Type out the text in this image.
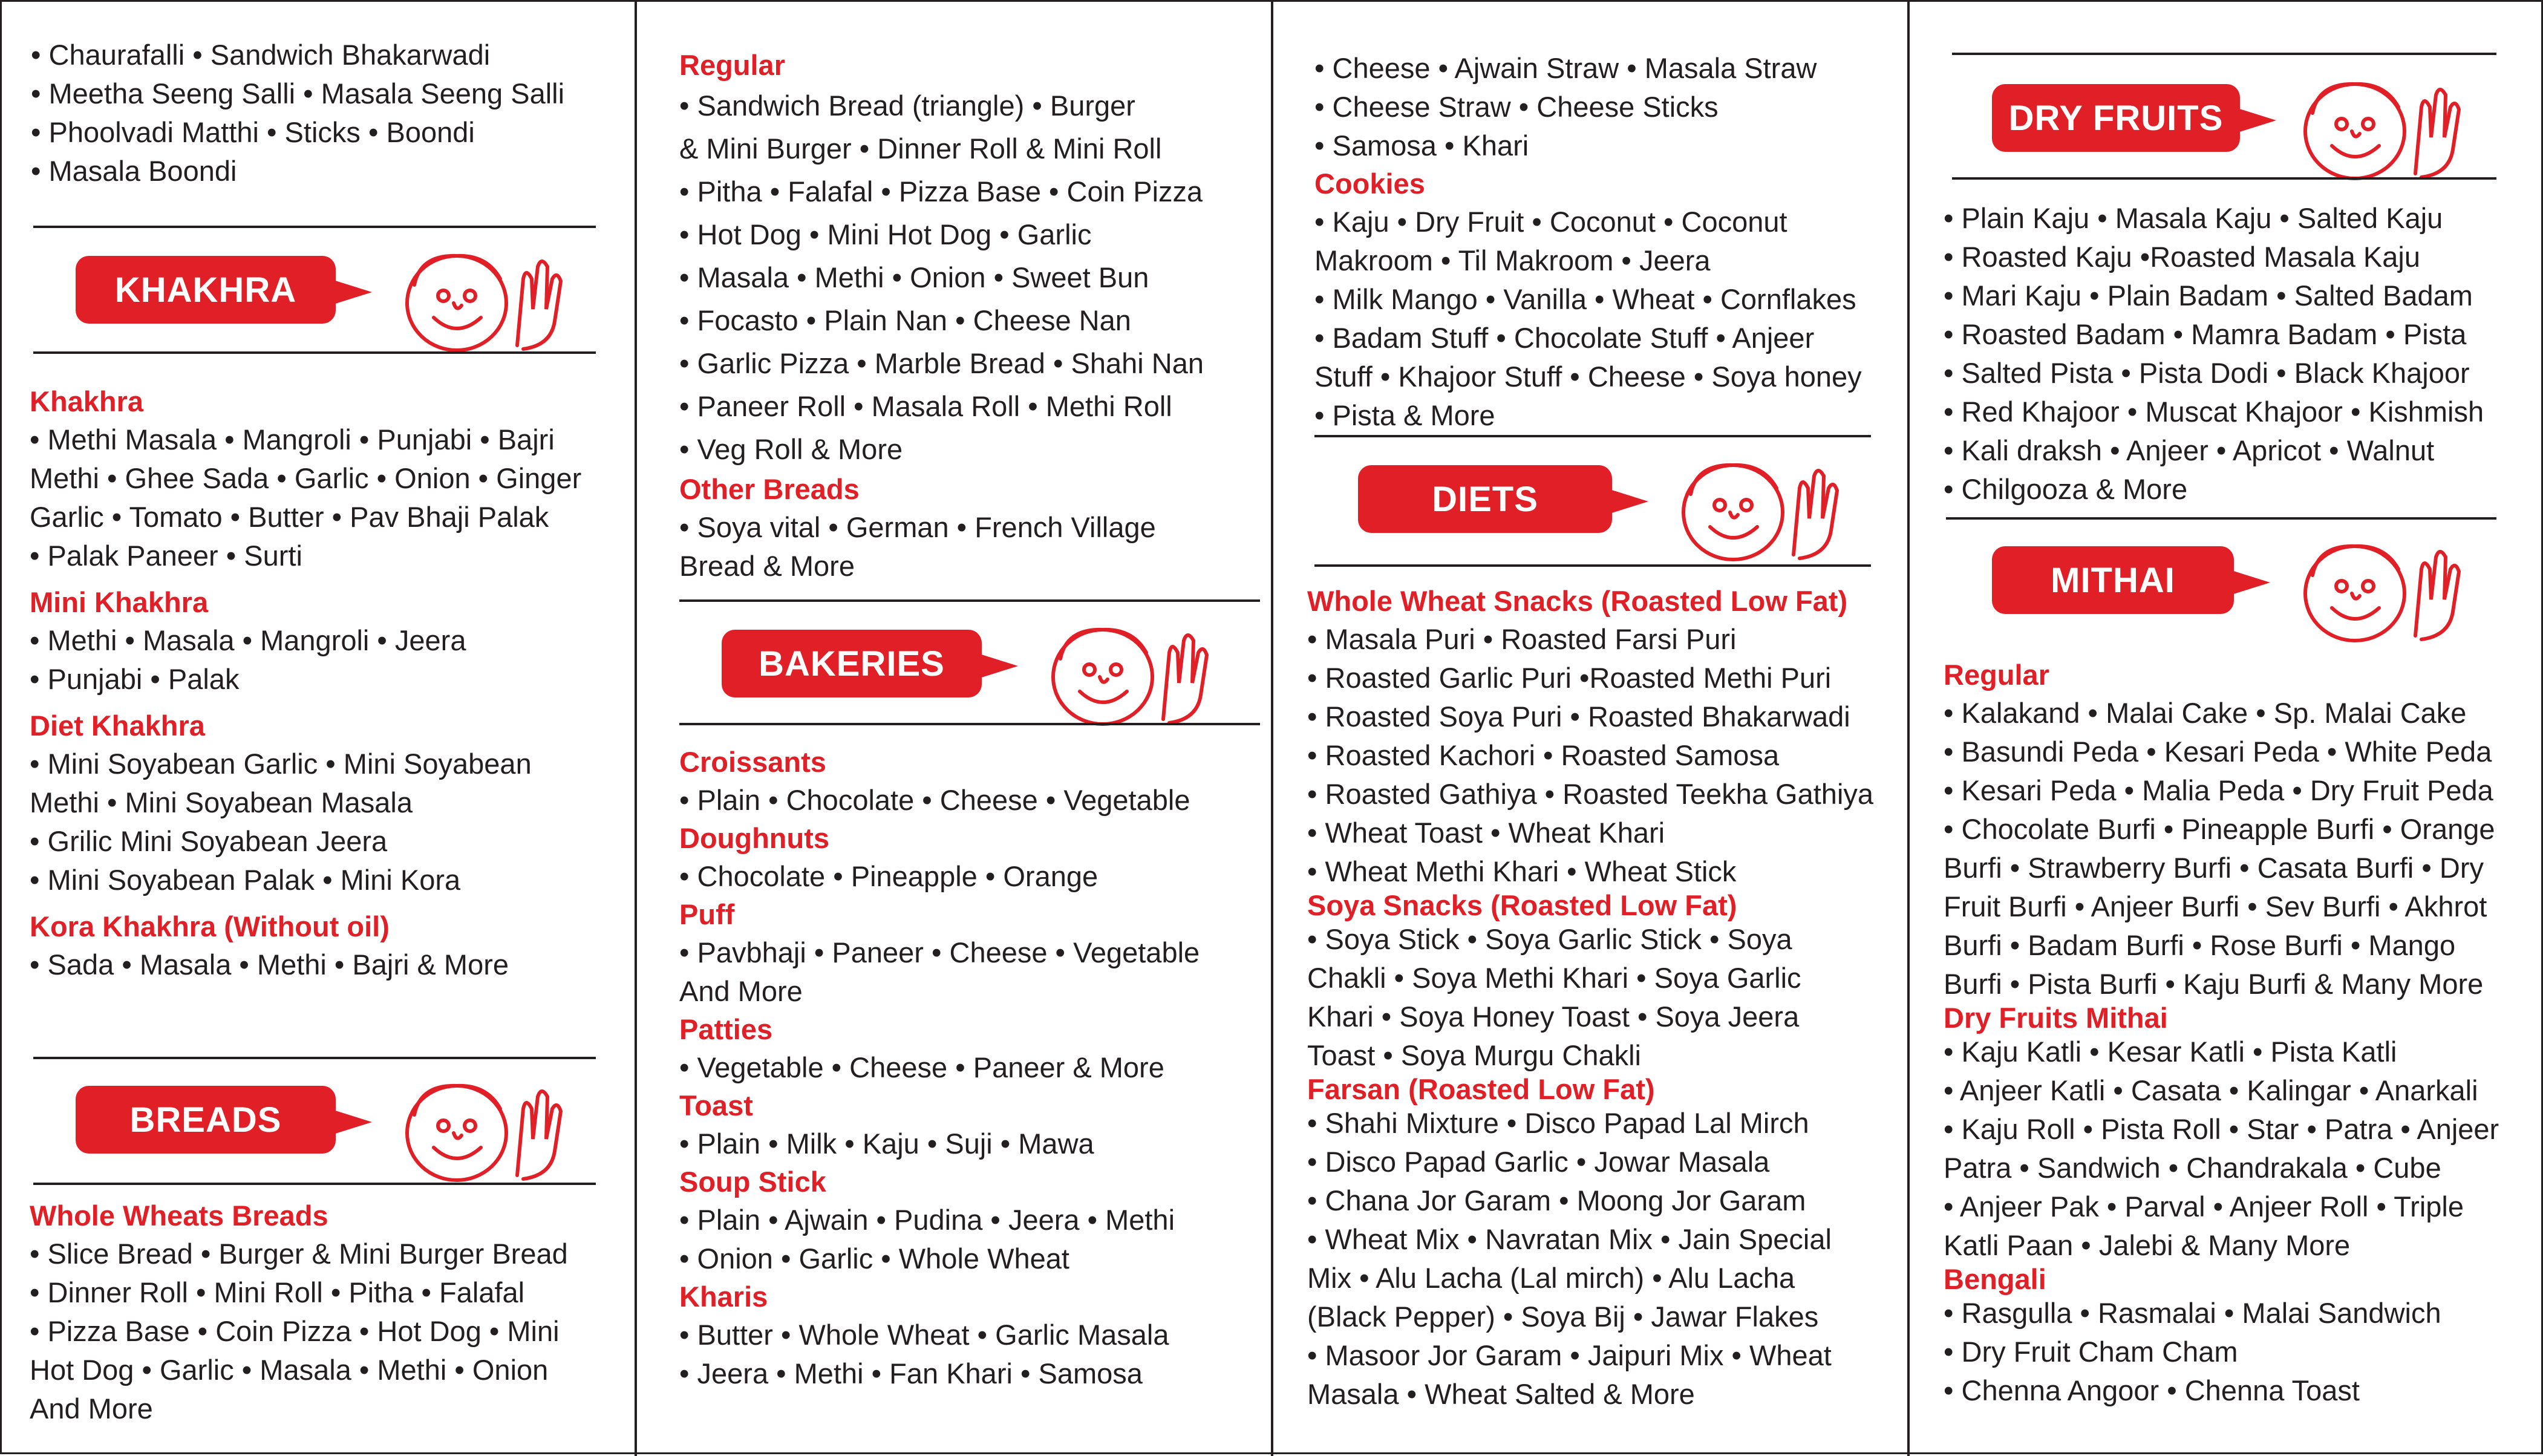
• Chaurafalli • Sandwich Bhakarwadi
• Meetha Seeng Salli • Masala Seeng Salli
• Phoolvadi Matthi • Sticks • Boondi
• Masala Boondi
KHAKHRA
Khakhra
• Methi Masala • Mangroli • Punjabi • Bajri
Methi • Ghee Sada • Garlic • Onion • Ginger
Garlic • Tomato • Butter • Pav Bhaji Palak
• Palak Paneer • Surti
Mini Khakhra
• Methi • Masala • Mangroli • Jeera
• Punjabi • Palak
Diet Khakhra
• Mini Soyabean Garlic • Mini Soyabean
Methi • Mini Soyabean Masala
• Grilic Mini Soyabean Jeera
• Mini Soyabean Palak • Mini Kora
Kora Khakhra (Without oil)
• Sada • Masala • Methi • Bajri & More
BREADS
Whole Wheats Breads
• Slice Bread • Burger & Mini Burger Bread
• Dinner Roll • Mini Roll • Pitha • Falafal
• Pizza Base • Coin Pizza • Hot Dog • Mini
Hot Dog • Garlic • Masala • Methi • Onion
And More
Regular
• Sandwich Bread (triangle) • Burger
& Mini Burger • Dinner Roll & Mini Roll
• Pitha • Falafal • Pizza Base • Coin Pizza
• Hot Dog • Mini Hot Dog • Garlic
• Masala • Methi • Onion • Sweet Bun
• Focasto • Plain Nan • Cheese Nan
• Garlic Pizza • Marble Bread • Shahi Nan
• Paneer Roll • Masala Roll • Methi Roll
• Veg Roll & More
Other Breads
• Soya vital • German • French Village
Bread & More
BAKERIES
Croissants
• Plain • Chocolate • Cheese • Vegetable
Doughnuts
• Chocolate • Pineapple • Orange
Puff
• Pavbhaji • Paneer • Cheese • Vegetable
And More
Patties
• Vegetable • Cheese • Paneer & More
Toast
• Plain • Milk • Kaju • Suji • Mawa
Soup Stick
• Plain • Ajwain • Pudina • Jeera • Methi
• Onion • Garlic • Whole Wheat
Kharis
• Butter • Whole Wheat • Garlic Masala
• Jeera • Methi • Fan Khari • Samosa
• Cheese • Ajwain Straw • Masala Straw
• Cheese Straw • Cheese Sticks
• Samosa • Khari
Cookies
• Kaju • Dry Fruit • Coconut • Coconut
Makroom • Til Makroom • Jeera
• Milk Mango • Vanilla • Wheat • Cornflakes
• Badam Stuff • Chocolate Stuff • Anjeer
Stuff • Khajoor Stuff • Cheese • Soya honey
• Pista & More
DIETS
Whole Wheat Snacks (Roasted Low Fat)
• Masala Puri • Roasted Farsi Puri
• Roasted Garlic Puri •Roasted Methi Puri
• Roasted Soya Puri • Roasted Bhakarwadi
• Roasted Kachori • Roasted Samosa
• Roasted Gathiya • Roasted Teekha Gathiya
• Wheat Toast • Wheat Khari
• Wheat Methi Khari • Wheat Stick
Soya Snacks (Roasted Low Fat)
• Soya Stick • Soya Garlic Stick • Soya
Chakli • Soya Methi Khari • Soya Garlic
Khari • Soya Honey Toast • Soya Jeera
Toast • Soya Murgu Chakli
Farsan (Roasted Low Fat)
• Shahi Mixture • Disco Papad Lal Mirch
• Disco Papad Garlic • Jowar Masala
• Chana Jor Garam • Moong Jor Garam
• Wheat Mix • Navratan Mix • Jain Special
Mix • Alu Lacha (Lal mirch) • Alu Lacha
(Black Pepper) • Soya Bij • Jawar Flakes
• Masoor Jor Garam • Jaipuri Mix • Wheat
Masala • Wheat Salted & More
DRY FRUITS
• Plain Kaju • Masala Kaju • Salted Kaju
• Roasted Kaju •Roasted Masala Kaju
• Mari Kaju • Plain Badam • Salted Badam
• Roasted Badam • Mamra Badam • Pista
• Salted Pista • Pista Dodi • Black Khajoor
• Red Khajoor • Muscat Khajoor • Kishmish
• Kali draksh • Anjeer • Apricot • Walnut
• Chilgooza & More
MITHAI
Regular
• Kalakand • Malai Cake • Sp. Malai Cake
• Basundi Peda • Kesari Peda • White Peda
• Kesari Peda • Malia Peda • Dry Fruit Peda
• Chocolate Burfi • Pineapple Burfi • Orange
Burfi • Strawberry Burfi • Casata Burfi • Dry
Fruit Burfi • Anjeer Burfi • Sev Burfi • Akhrot
Burfi • Badam Burfi • Rose Burfi • Mango
Burfi • Pista Burfi • Kaju Burfi & Many More
Dry Fruits Mithai
• Kaju Katli • Kesar Katli • Pista Katli
• Anjeer Katli • Casata • Kalingar • Anarkali
• Kaju Roll • Pista Roll • Star • Patra • Anjeer
Patra • Sandwich • Chandrakala • Cube
• Anjeer Pak • Parval • Anjeer Roll • Triple
Katli Paan • Jalebi & Many More
Bengali
• Rasgulla • Rasmalai • Malai Sandwich
• Dry Fruit Cham Cham
• Chenna Angoor • Chenna Toast
